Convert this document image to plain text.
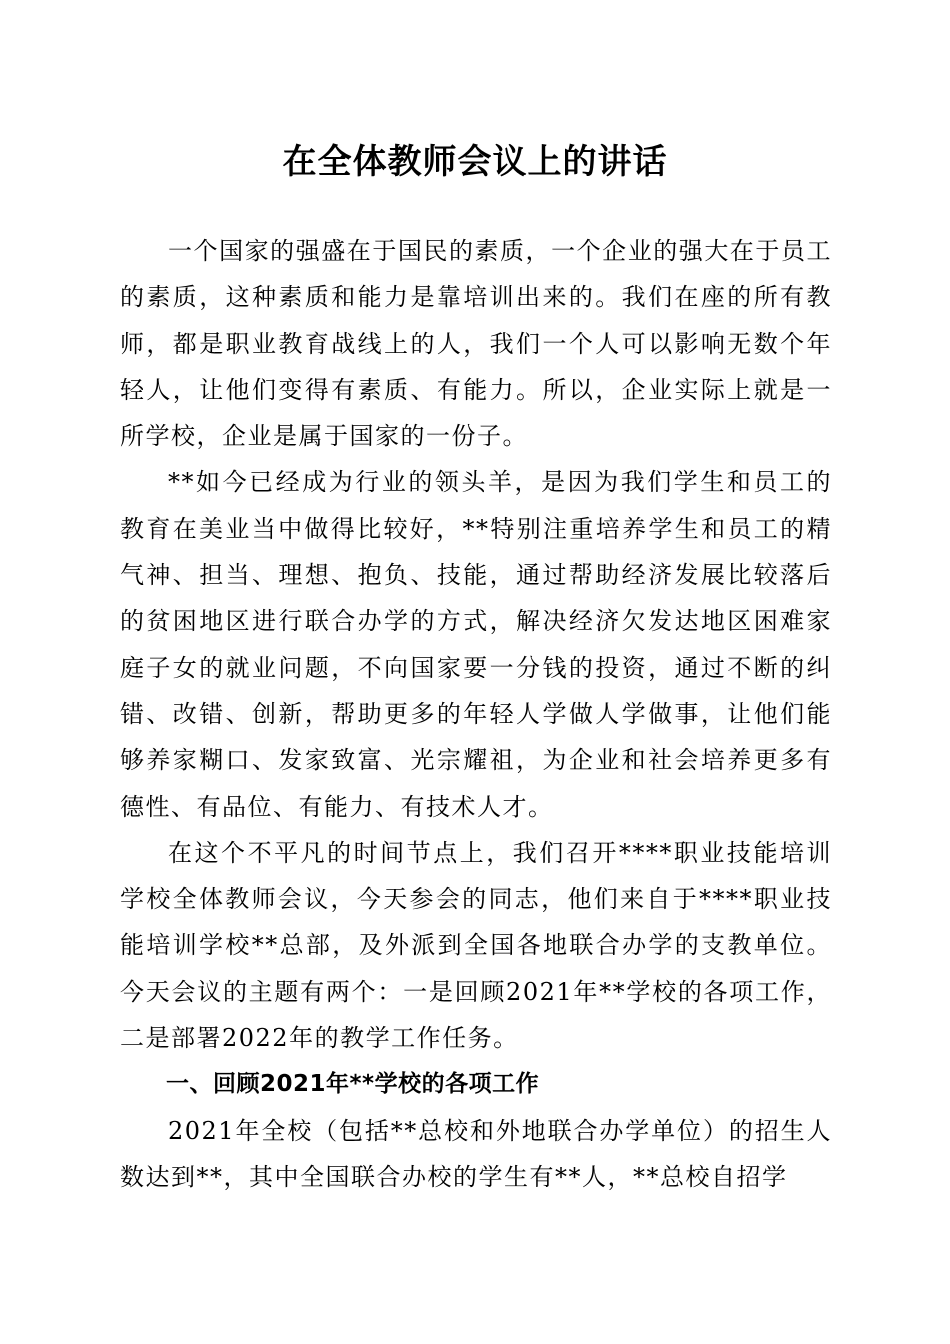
在全体教师会议上的讲话

一个国家的强盛在于国民的素质，一个企业的强大在于员工的素质，这种素质和能力是靠培训出来的。我们在座的所有教师，都是职业教育战线上的人，我们一个人可以影响无数个年轻人，让他们变得有素质、有能力。所以，企业实际上就是一所学校，企业是属于国家的一份子。

**如今已经成为行业的领头羊，是因为我们学生和员工的教育在美业当中做得比较好，**特别注重培养学生和员工的精气神、担当、理想、抱负、技能，通过帮助经济发展比较落后的贫困地区进行联合办学的方式，解决经济欠发达地区困难家庭子女的就业问题，不向国家要一分钱的投资，通过不断的纠错、改错、创新，帮助更多的年轻人学做人学做事，让他们能够养家糊口、发家致富、光宗耀祖，为企业和社会培养更多有德性、有品位、有能力、有技术人才。

在这个不平凡的时间节点上，我们召开****职业技能培训学校全体教师会议，今天参会的同志，他们来自于****职业技能培训学校**总部，及外派到全国各地联合办学的支教单位。今天会议的主题有两个：一是回顾2021年**学校的各项工作，二是部署2022年的教学工作任务。

一、回顾2021年**学校的各项工作

2021年全校（包括**总校和外地联合办学单位）的招生人数达到**，其中全国联合办校的学生有**人，**总校自招学
